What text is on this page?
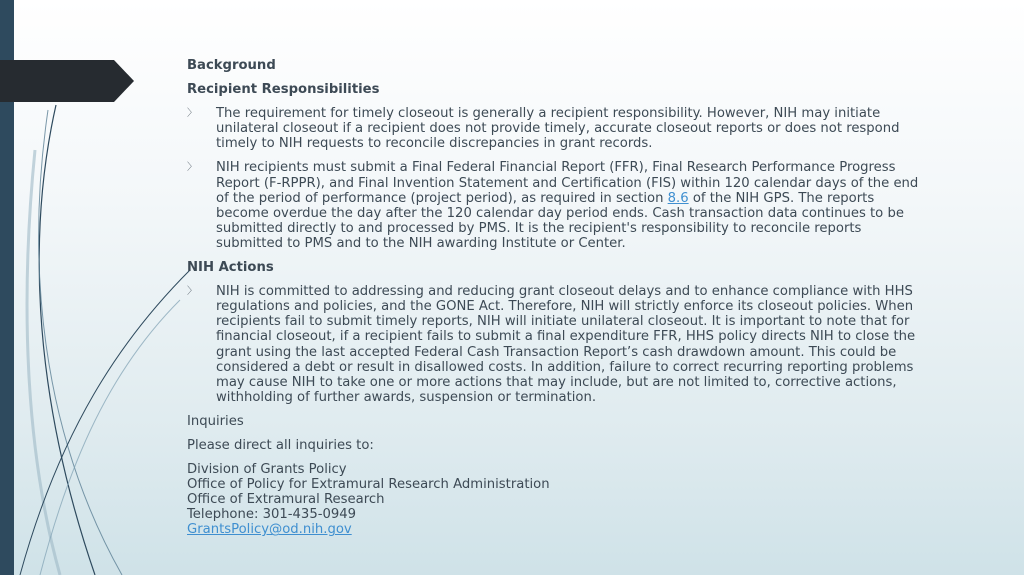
Background
Recipient Responsibilities
〉 The requirement for timely closeout is generally a recipient responsibility. However, NIH may initiate unilateral closeout if a recipient does not provide timely, accurate closeout reports or does not respond timely to NIH requests to reconcile discrepancies in grant records.
〉 NIH recipients must submit a Final Federal Financial Report (FFR), Final Research Performance Progress Report (F-RPPR), and Final Invention Statement and Certification (FIS) within 120 calendar days of the end of the period of performance (project period), as required in section 8.6 of the NIH GPS. The reports become overdue the day after the 120 calendar day period ends. Cash transaction data continues to be submitted directly to and processed by PMS. It is the recipient's responsibility to reconcile reports submitted to PMS and to the NIH awarding Institute or Center.
NIH Actions
〉 NIH is committed to addressing and reducing grant closeout delays and to enhance compliance with HHS regulations and policies, and the GONE Act. Therefore, NIH will strictly enforce its closeout policies. When recipients fail to submit timely reports, NIH will initiate unilateral closeout. It is important to note that for financial closeout, if a recipient fails to submit a final expenditure FFR, HHS policy directs NIH to close the grant using the last accepted Federal Cash Transaction Report’s cash drawdown amount. This could be considered a debt or result in disallowed costs. In addition, failure to correct recurring reporting problems may cause NIH to take one or more actions that may include, but are not limited to, corrective actions, withholding of further awards, suspension or termination.
Inquiries
Please direct all inquiries to:
Division of Grants Policy
Office of Policy for Extramural Research Administration
Office of Extramural Research
Telephone: 301-435-0949
GrantsPolicy@od.nih.gov
